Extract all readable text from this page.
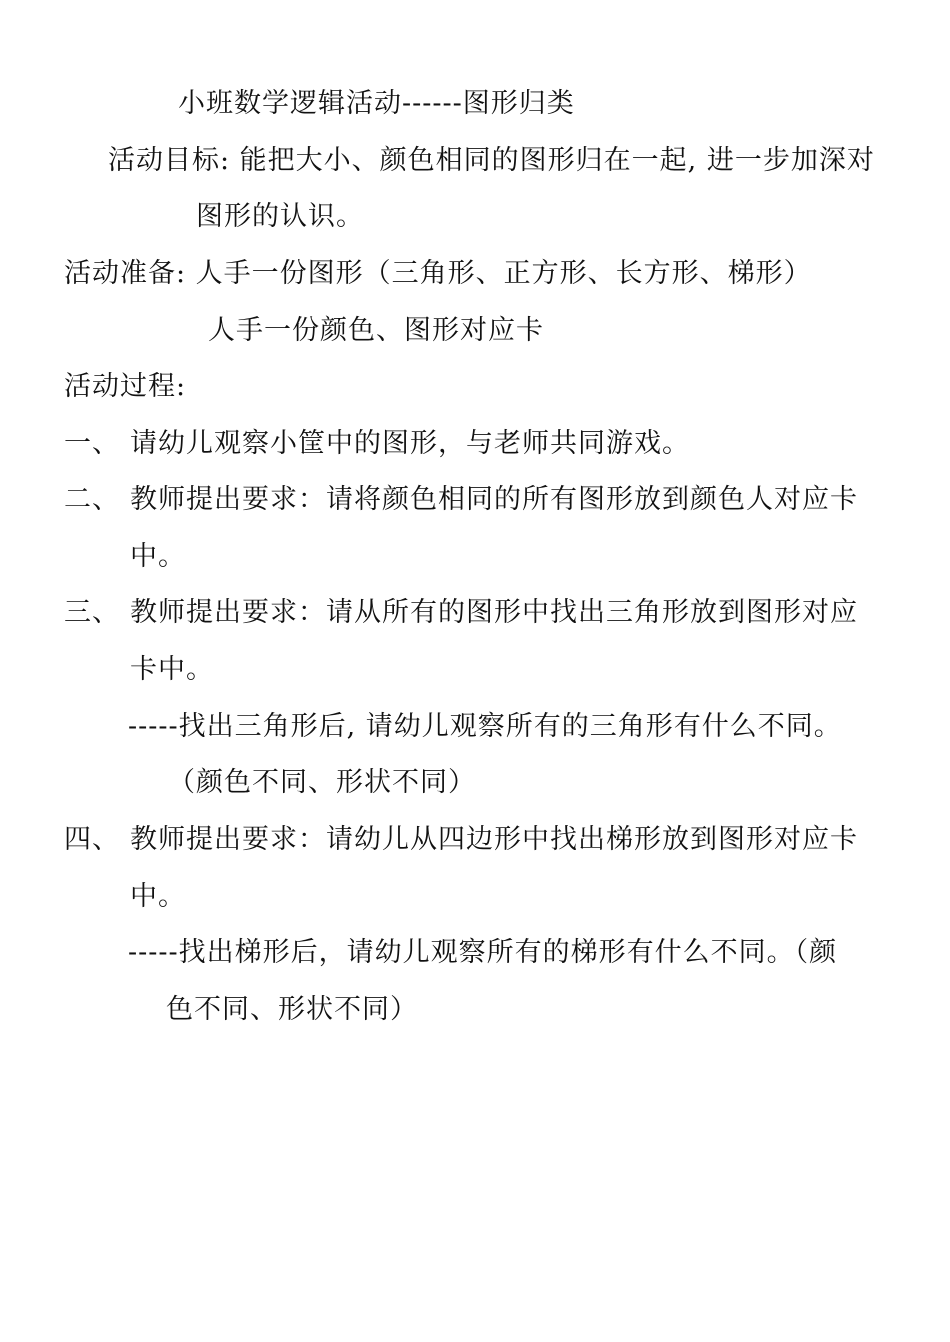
小班数学逻辑活动------图形归类
活动目标: 能把大小、颜色相同的图形归在一起, 进一步加深对
图形的认识。
活动准备: 人手一份图形（三角形、正方形、长方形、梯形）
人手一份颜色、图形对应卡
活动过程:
一、 请幼儿观察小筐中的图形，与老师共同游戏。
二、 教师提出要求：请将颜色相同的所有图形放到颜色人对应卡
中。
三、 教师提出要求：请从所有的图形中找出三角形放到图形对应
卡中。
-----找出三角形后, 请幼儿观察所有的三角形有什么不同。
（颜色不同、形状不同）
四、 教师提出要求：请幼儿从四边形中找出梯形放到图形对应卡
中。
-----找出梯形后，请幼儿观察所有的梯形有什么不同。（颜
色不同、形状不同）
